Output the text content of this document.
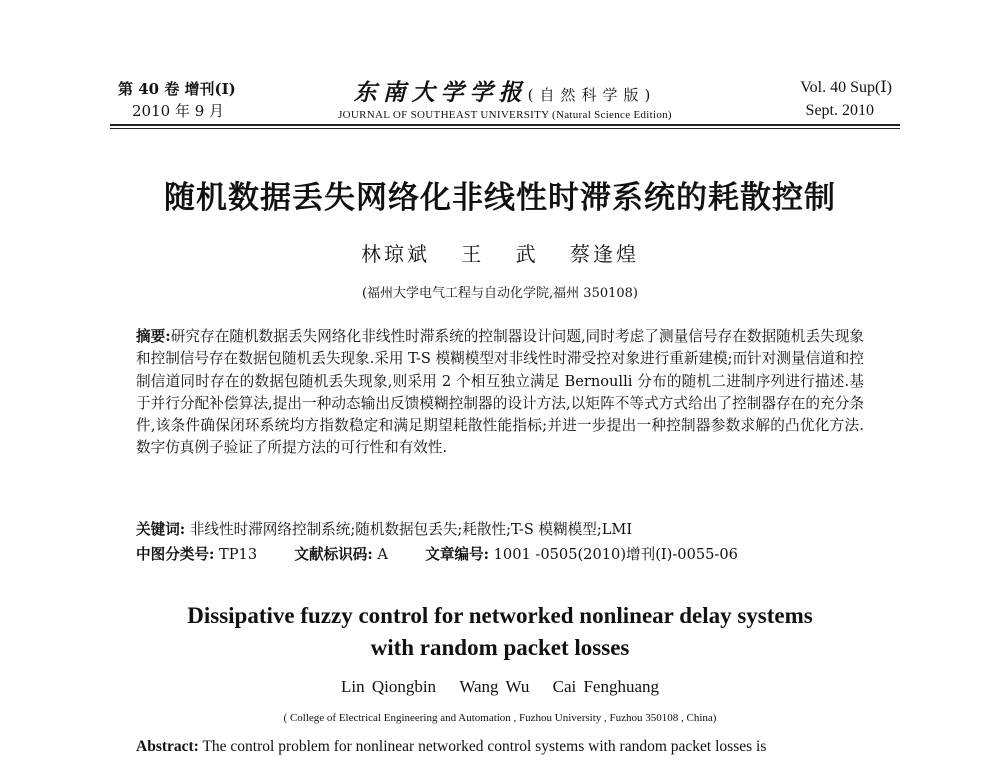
第 40 卷 增刊(Ⅰ)
2010 年 9 月
东南大学学报(自然科学版)
JOURNAL OF SOUTHEAST UNIVERSITY (Natural Science Edition)
Vol. 40 Sup(Ⅰ)
Sept. 2010
随机数据丢失网络化非线性时滞系统的耗散控制
林琼斌 王 武 蔡逢煌
(福州大学电气工程与自动化学院,福州 350108)
摘要:研究存在随机数据丢失网络化非线性时滞系统的控制器设计问题,同时考虑了测量信号存在数据随机丢失现象和控制信号存在数据包随机丢失现象.采用 T-S 模糊模型对非线性时滞受控对象进行重新建模;而针对测量信道和控制信道同时存在的数据包随机丢失现象,则采用 2 个相互独立满足 Bernoulli 分布的随机二进制序列进行描述.基于并行分配补偿算法,提出一种动态输出反馈模糊控制器的设计方法,以矩阵不等式方式给出了控制器存在的充分条件,该条件确保闭环系统均方指数稳定和满足期望耗散性能指标;并进一步提出一种控制器参数求解的凸优化方法.数字仿真例子验证了所提方法的可行性和有效性.
关键词: 非线性时滞网络控制系统;随机数据包丢失;耗散性;T-S 模糊模型;LMI
中图分类号: TP13	文献标识码: A	文章编号: 1001 -0505(2010)增刊(Ⅰ)-0055-06
Dissipative fuzzy control for networked nonlinear delay systems
with random packet losses
Lin Qiongbin Wang Wu Cai Fenghuang
( College of Electrical Engineering and Automation , Fuzhou University , Fuzhou 350108 , China)
Abstract: The control problem for nonlinear networked control systems with random packet losses is
